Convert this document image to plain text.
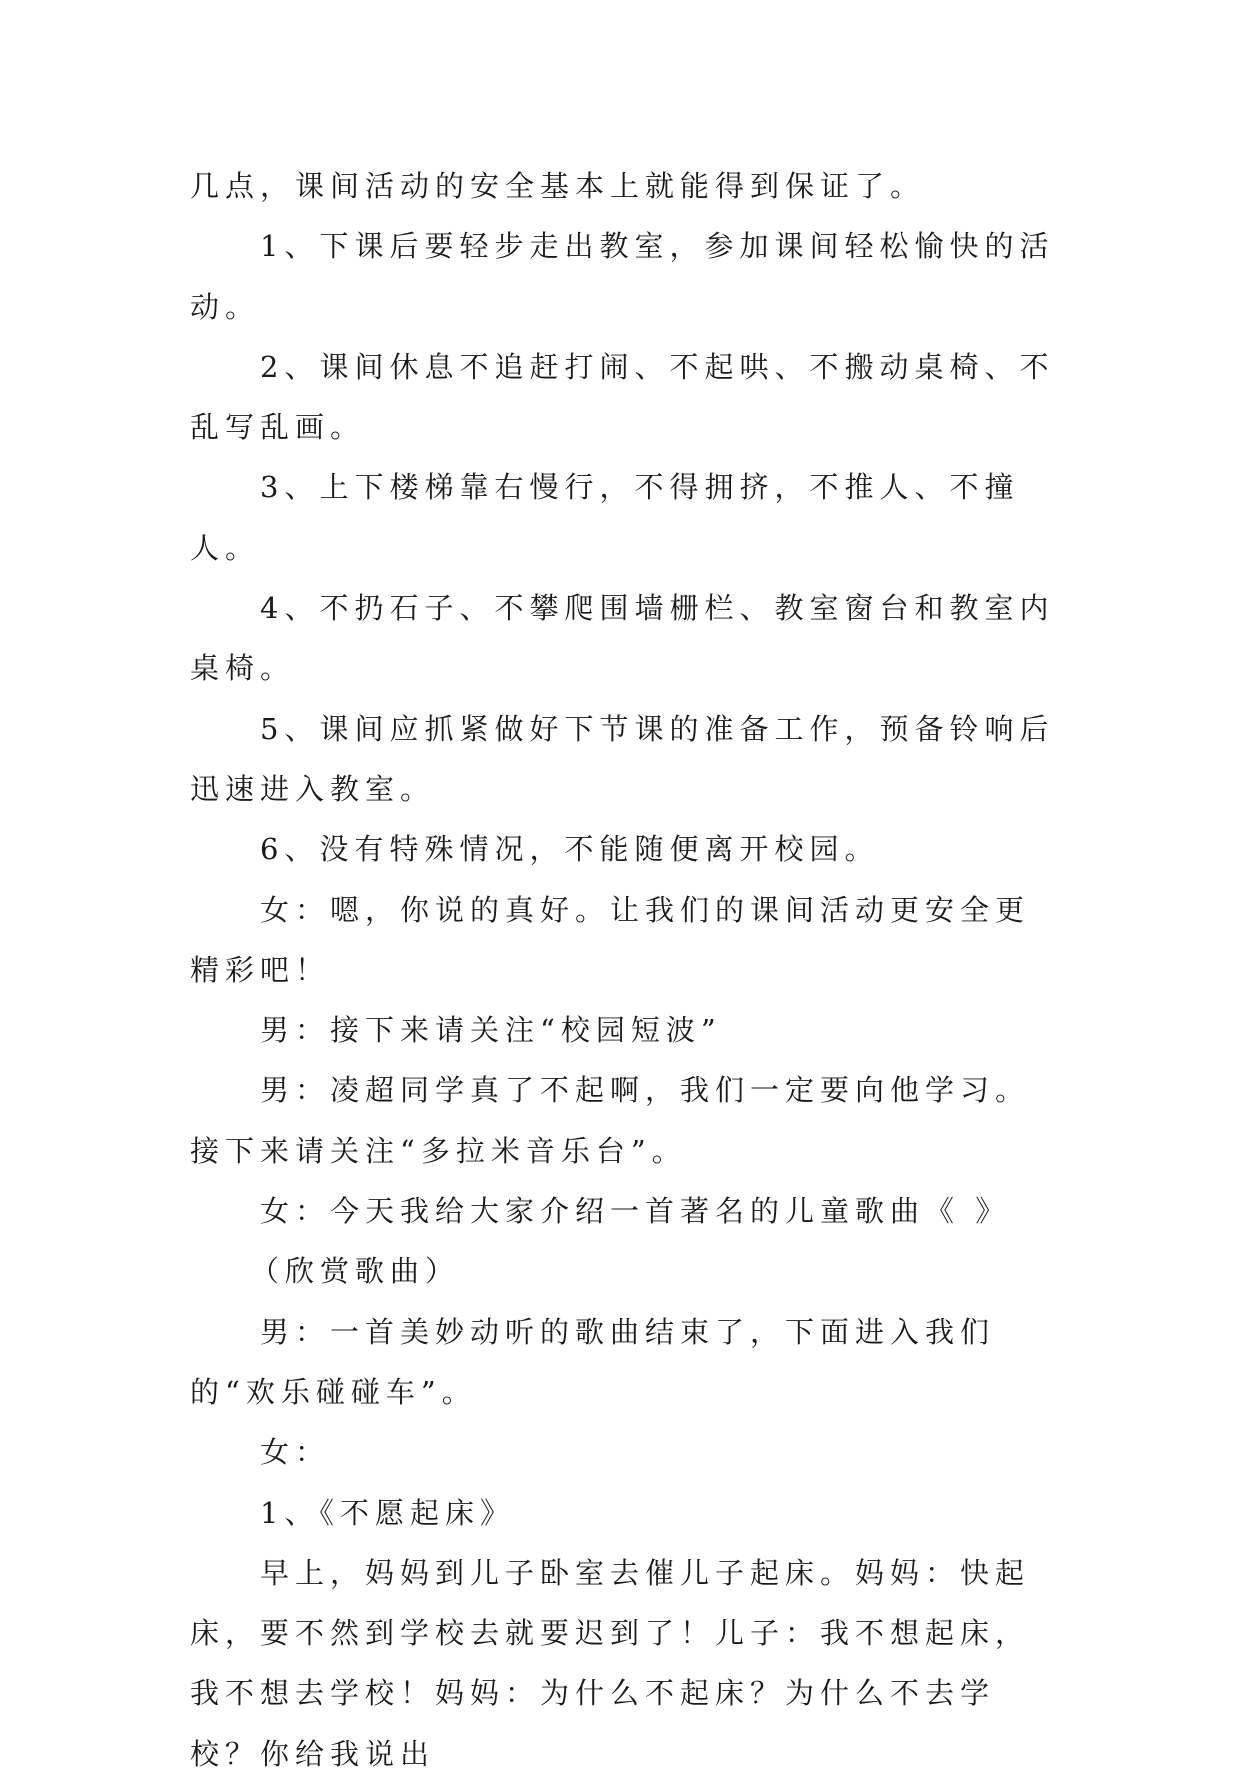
几点，课间活动的安全基本上就能得到保证了。

1、下课后要轻步走出教室，参加课间轻松愉快的活动。

2、课间休息不追赶打闹、不起哄、不搬动桌椅、不乱写乱画。

3、上下楼梯靠右慢行，不得拥挤，不推人、不撞人。

4、不扔石子、不攀爬围墙栅栏、教室窗台和教室内桌椅。

5、课间应抓紧做好下节课的准备工作，预备铃响后迅速进入教室。

6、没有特殊情况，不能随便离开校园。

女：嗯，你说的真好。让我们的课间活动更安全更精彩吧！

男：接下来请关注“校园短波”

男：凌超同学真了不起啊，我们一定要向他学习。接下来请关注“多拉米音乐台”。

女：今天我给大家介绍一首著名的儿童歌曲《 》

（欣赏歌曲）

男：一首美妙动听的歌曲结束了，下面进入我们的“欢乐碰碰车”。

女：

1、《不愿起床》

早上，妈妈到儿子卧室去催儿子起床。妈妈：快起床，要不然到学校去就要迟到了！儿子：我不想起床，我不想去学校！妈妈：为什么不起床？为什么不去学校？你给我说出
